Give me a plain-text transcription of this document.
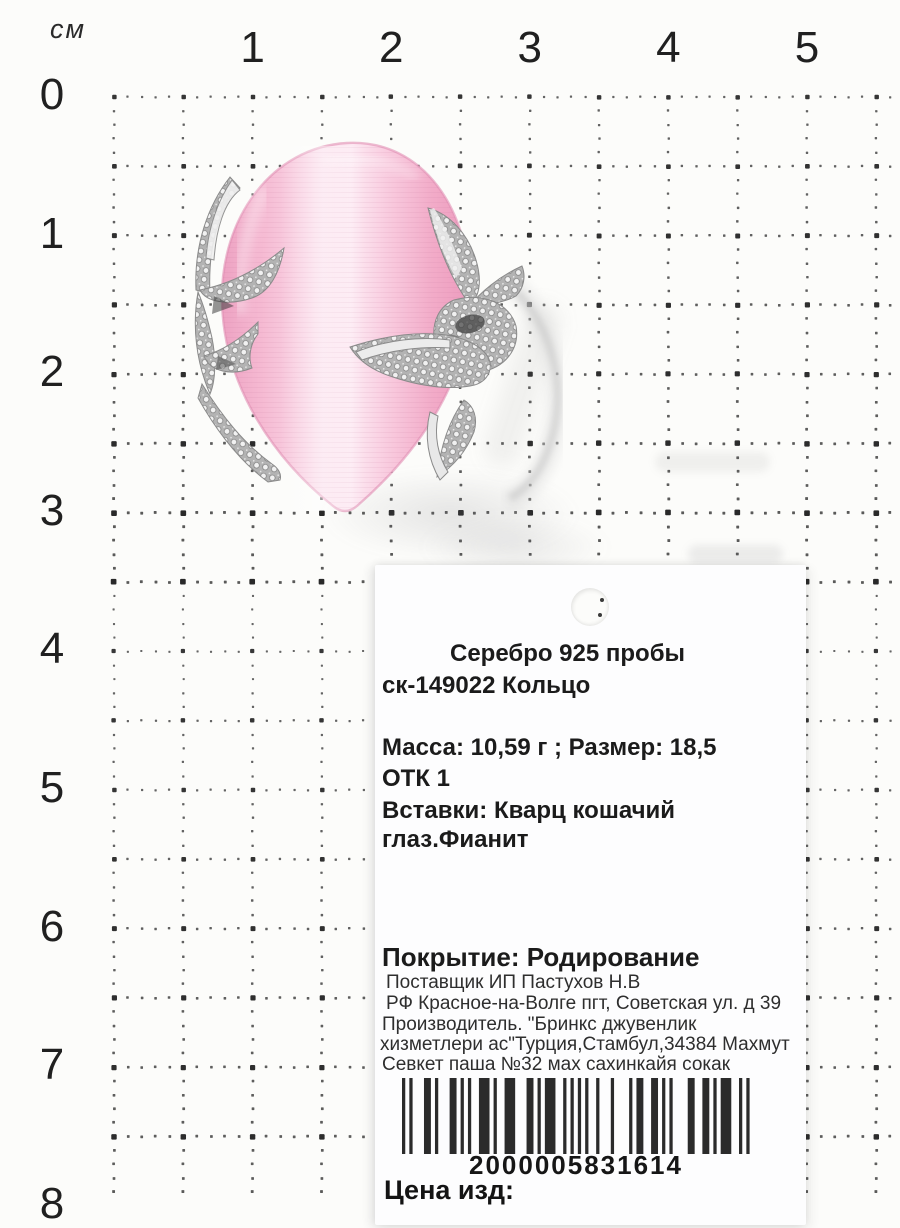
см	1	2	3	4	5
0
1
2
3
4
5
6
7
8
Серебро 925 пробы
ск-149022 Кольцо
Масса: 10,59 г ; Размер: 18,5
ОТК 1
Вставки: Кварц кошачий
глаз.Фианит
Покрытие: Родирование
Поставщик ИП Пастухов Н.В
РФ Красное-на-Волге пгт, Советская ул. д 39
Производитель. "Бринкс джувенлик
хизметлери ас"Турция,Стамбул,34384 Махмут
Севкет паша №32 мах сахинкайя сокак
2000005831614
Цена изд:
